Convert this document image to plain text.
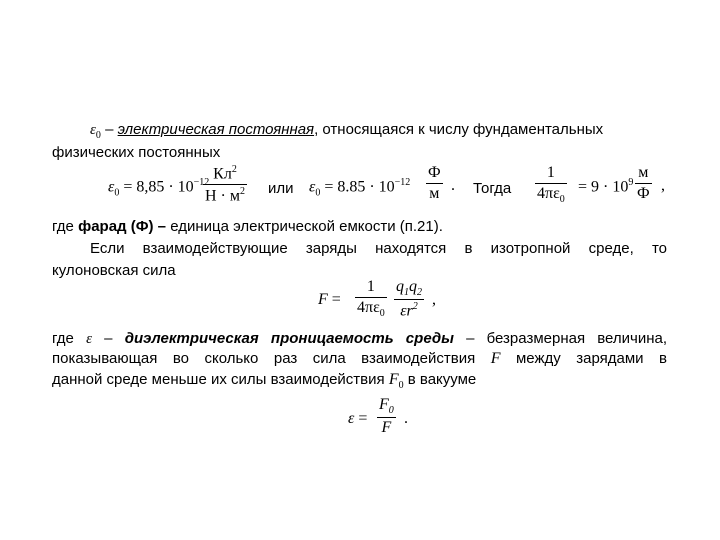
$\varepsilon_0$ – электрическая постоянная, относящаяся к числу фундаментальных
физических постоянных
$\varepsilon_0 = 8,85 \cdot 10^{-12}$
$Кл^2$
$Н \cdot м^2$ или $\varepsilon_0 = 8.85 \cdot 10^{-12}$
Ф
м . Тогда
1
$4\pi\varepsilon_0$
= $9 \cdot 10^9$
м
Ф ,
где фарад (Ф) – единица электрической емкости (п.21).
Если взаимодействующие заряды находятся в изотропной среде, то
кулоновская сила
F =
1
$4\pi\varepsilon_0$
$q_1q_2$
$\varepsilon r^2$ ,
где ε – диэлектрическая проницаемость среды – безразмерная величина,
показывающая во сколько раз сила взаимодействия F между зарядами в
данной среде меньше их силы взаимодействия $F_0$ в вакууме
ε =
$F_0$
F
.
